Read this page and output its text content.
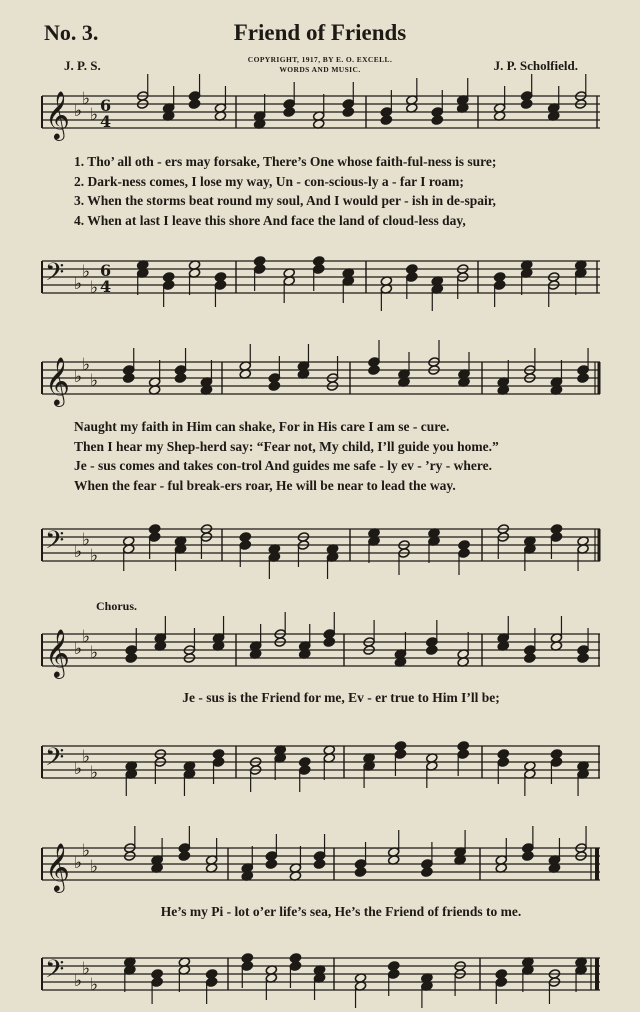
No. 3.	Friend of Friends
COPYRIGHT, 1917, BY E. O. EXCELL.
WORDS AND MUSIC.
J. P. S.	J. P. Scholfield.
𝄞 ♭
♭
♭ 6
4
1. Tho’ all oth - ers may forsake, There’s One whose faith-ful-ness is sure;
2. Dark-ness comes, I lose my way, Un - con-scious-ly a - far I roam;
3. When the storms beat round my soul, And I would per - ish in de-spair,
4. When at last I leave this shore And face the land of cloud-less day,
𝄢 ♭
♭
♭
6
4
𝄞 ♭
♭
♭
Naught my faith in Him can shake, For in His care I am se - cure.
Then I hear my Shep-herd say: “Fear not, My child, I’ll guide you home.”
Je - sus comes and takes con-trol And guides me safe - ly ev - ’ry - where.
When the fear - ful break-ers roar, He will be near to lead the way.
𝄢 ♭
♭
♭
Chorus.
𝄞 ♭
♭
♭
Je - sus is the Friend for me, Ev - er true to Him I’ll be;
𝄢 ♭
♭
♭
𝄞 ♭
♭
♭
He’s my Pi - lot o’er life’s sea, He’s the Friend of friends to me.
𝄢 ♭
♭
♭
